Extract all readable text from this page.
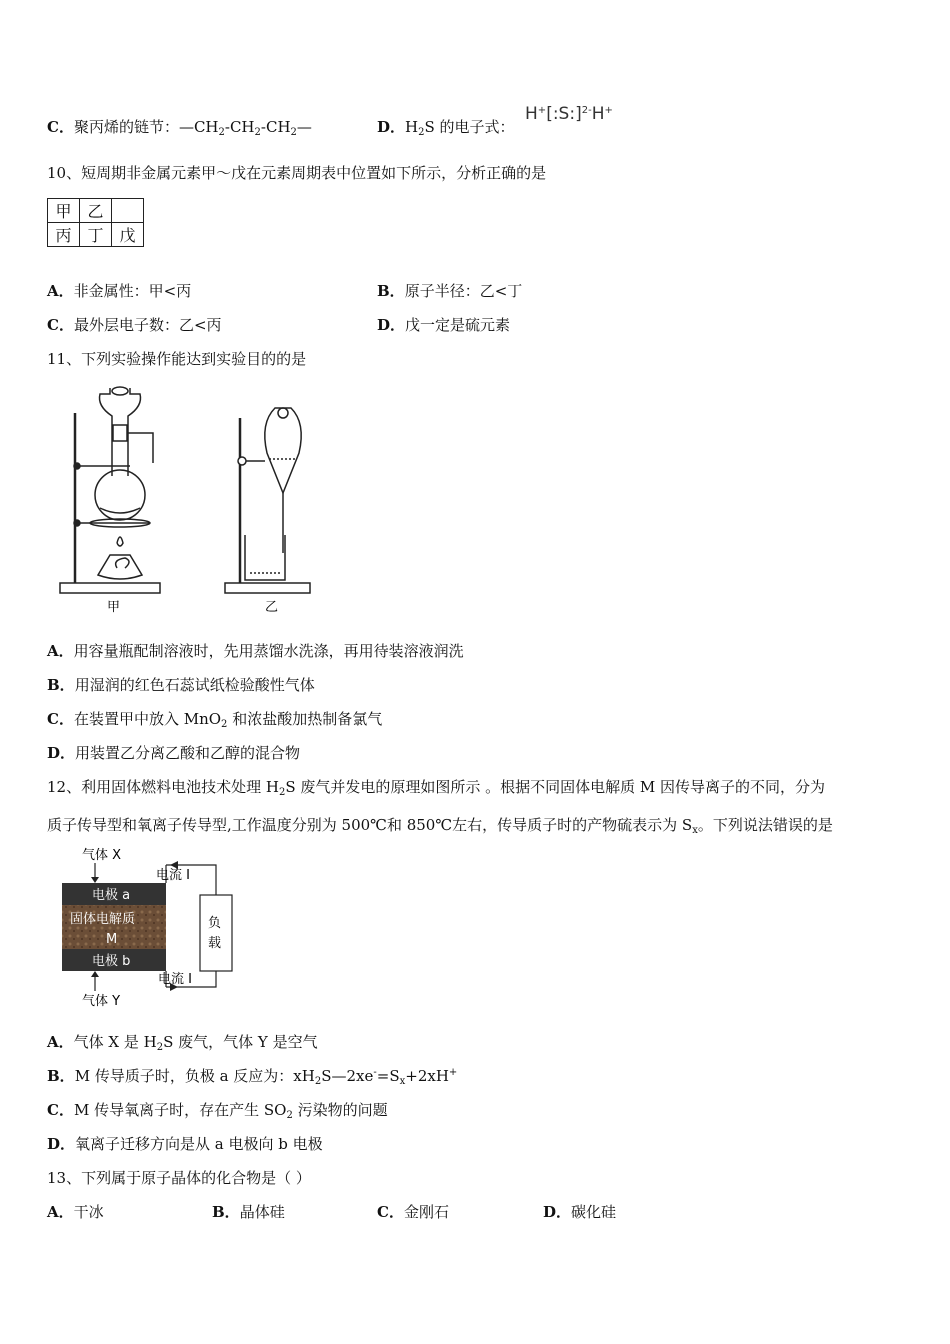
C．聚丙烯的链节：$—CH_2-CH_2-CH_2—$	D．$H_2S$ 的电子式：
H+[:S:]$^{2-}$H+
10、短周期非金属元素甲～戊在元素周期表中位置如下所示，分析正确的是
甲	乙	
丙	丁	戊
A．非金属性：甲<丙	B．原子半径：乙<丁
C．最外层电子数：乙<丙	D．戊一定是硫元素
11、下列实验操作能达到实验目的的是
甲	乙
A．用容量瓶配制溶液时，先用蒸馏水洗涤，再用待装溶液润洗
B．用湿润的红色石蕊试纸检验酸性气体
C．在装置甲中放入 MnO$_2$ 和浓盐酸加热制备氯气
D．用装置乙分离乙酸和乙醇的混合物
12、利用固体燃料电池技术处理 $H_2S$ 废气并发电的原理如图所示 。根据不同固体电解质 M 因传导离子的不同，分为
质子传导型和氧离子传导型,工作温度分别为 500℃和 850℃左右，传导质子时的产物硫表示为 $S_x$。下列说法错误的是
气体 X
电极 a
固体电解质
M
电极 b
气体 Y
电流 I
电流 I
负
载
A．气体 X 是 $H_2S$ 废气，气体 Y 是空气
B．M 传导质子时，负极 a 反应为：$xH_2S—2xe^-=S_x+2xH^+$
C．M 传导氧离子时，存在产生 $SO_2$ 污染物的问题
D．氧离子迁移方向是从 a 电极向 b 电极
13、下列属于原子晶体的化合物是（ ）
A．干冰	B．晶体硅	C．金刚石	D．碳化硅
